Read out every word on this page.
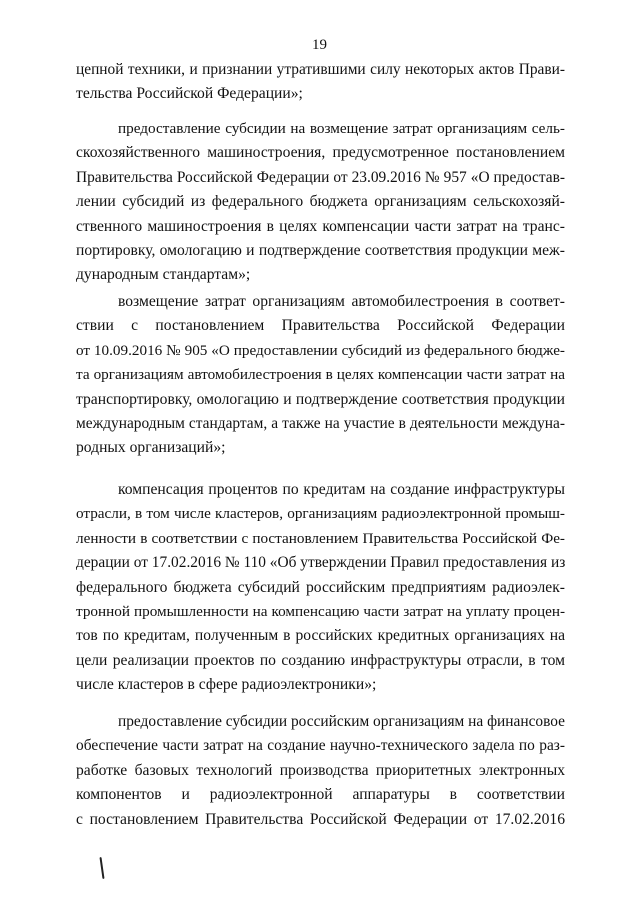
19
цепной техники, и признании утратившими силу некоторых актов Прави-
тельства Российской Федерации»;
предоставление субсидии на возмещение затрат организациям сель-
скохозяйственного машиностроения, предусмотренное постановлением
Правительства Российской Федерации от 23.09.2016 № 957 «О предостав-
лении субсидий из федерального бюджета организациям сельскохозяй-
ственного машиностроения в целях компенсации части затрат на транс-
портировку, омологацию и подтверждение соответствия продукции меж-
дународным стандартам»;
возмещение затрат организациям автомобилестроения в соответ-
ствии с постановлением Правительства Российской Федерации
от 10.09.2016 № 905 «О предоставлении субсидий из федерального бюдже-
та организациям автомобилестроения в целях компенсации части затрат на
транспортировку, омологацию и подтверждение соответствия продукции
международным стандартам, а также на участие в деятельности междуна-
родных организаций»;
компенсация процентов по кредитам на создание инфраструктуры
отрасли, в том числе кластеров, организациям радиоэлектронной промыш-
ленности в соответствии с постановлением Правительства Российской Фе-
дерации от 17.02.2016 № 110 «Об утверждении Правил предоставления из
федерального бюджета субсидий российским предприятиям радиоэлек-
тронной промышленности на компенсацию части затрат на уплату процен-
тов по кредитам, полученным в российских кредитных организациях на
цели реализации проектов по созданию инфраструктуры отрасли, в том
числе кластеров в сфере радиоэлектроники»;
предоставление субсидии российским организациям на финансовое
обеспечение части затрат на создание научно-технического задела по раз-
работке базовых технологий производства приоритетных электронных
компонентов и радиоэлектронной аппаратуры в соответствии
с постановлением Правительства Российской Федерации от 17.02.2016
